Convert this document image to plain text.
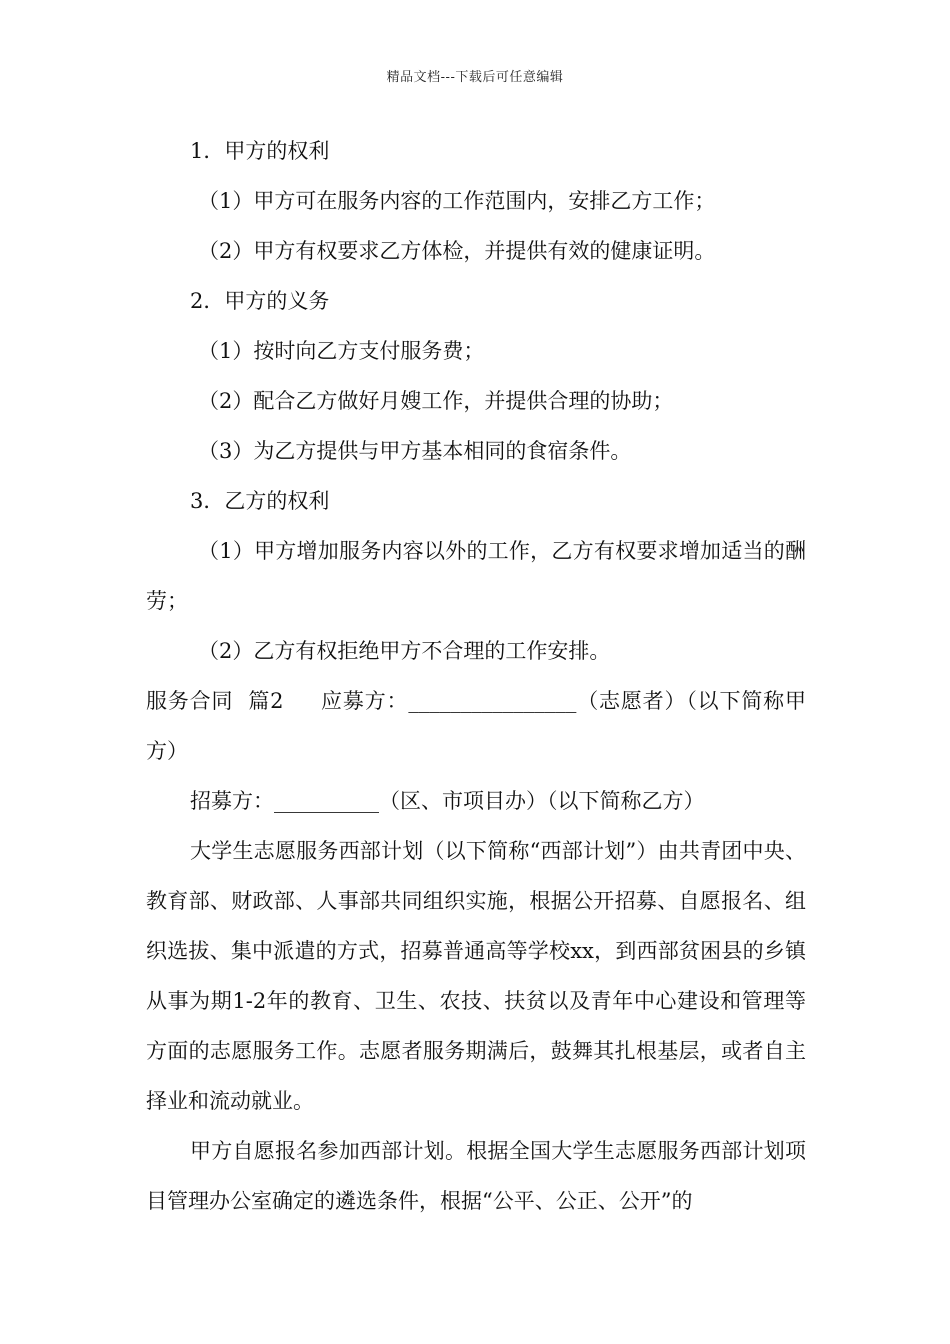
精品文档---下载后可任意编辑

1．甲方的权利

（1）甲方可在服务内容的工作范围内，安排乙方工作；

（2）甲方有权要求乙方体检，并提供有效的健康证明。

2．甲方的义务

（1）按时向乙方支付服务费；

（2）配合乙方做好月嫂工作，并提供合理的协助；

（3）为乙方提供与甲方基本相同的食宿条件。

3．乙方的权利

（1）甲方增加服务内容以外的工作，乙方有权要求增加适当的酬劳；

（2）乙方有权拒绝甲方不合理的工作安排。

服务合同  篇2     应募方：________________（志愿者）（以下简称甲方）

招募方：__________（区、市项目办）（以下简称乙方）

大学生志愿服务西部计划（以下简称“西部计划”）由共青团中央、教育部、财政部、人事部共同组织实施，根据公开招募、自愿报名、组织选拔、集中派遣的方式，招募普通高等学校xx，到西部贫困县的乡镇从事为期1-2年的教育、卫生、农技、扶贫以及青年中心建设和管理等方面的志愿服务工作。志愿者服务期满后，鼓舞其扎根基层，或者自主择业和流动就业。

甲方自愿报名参加西部计划。根据全国大学生志愿服务西部计划项目管理办公室确定的遴选条件，根据“公平、公正、公开”的
